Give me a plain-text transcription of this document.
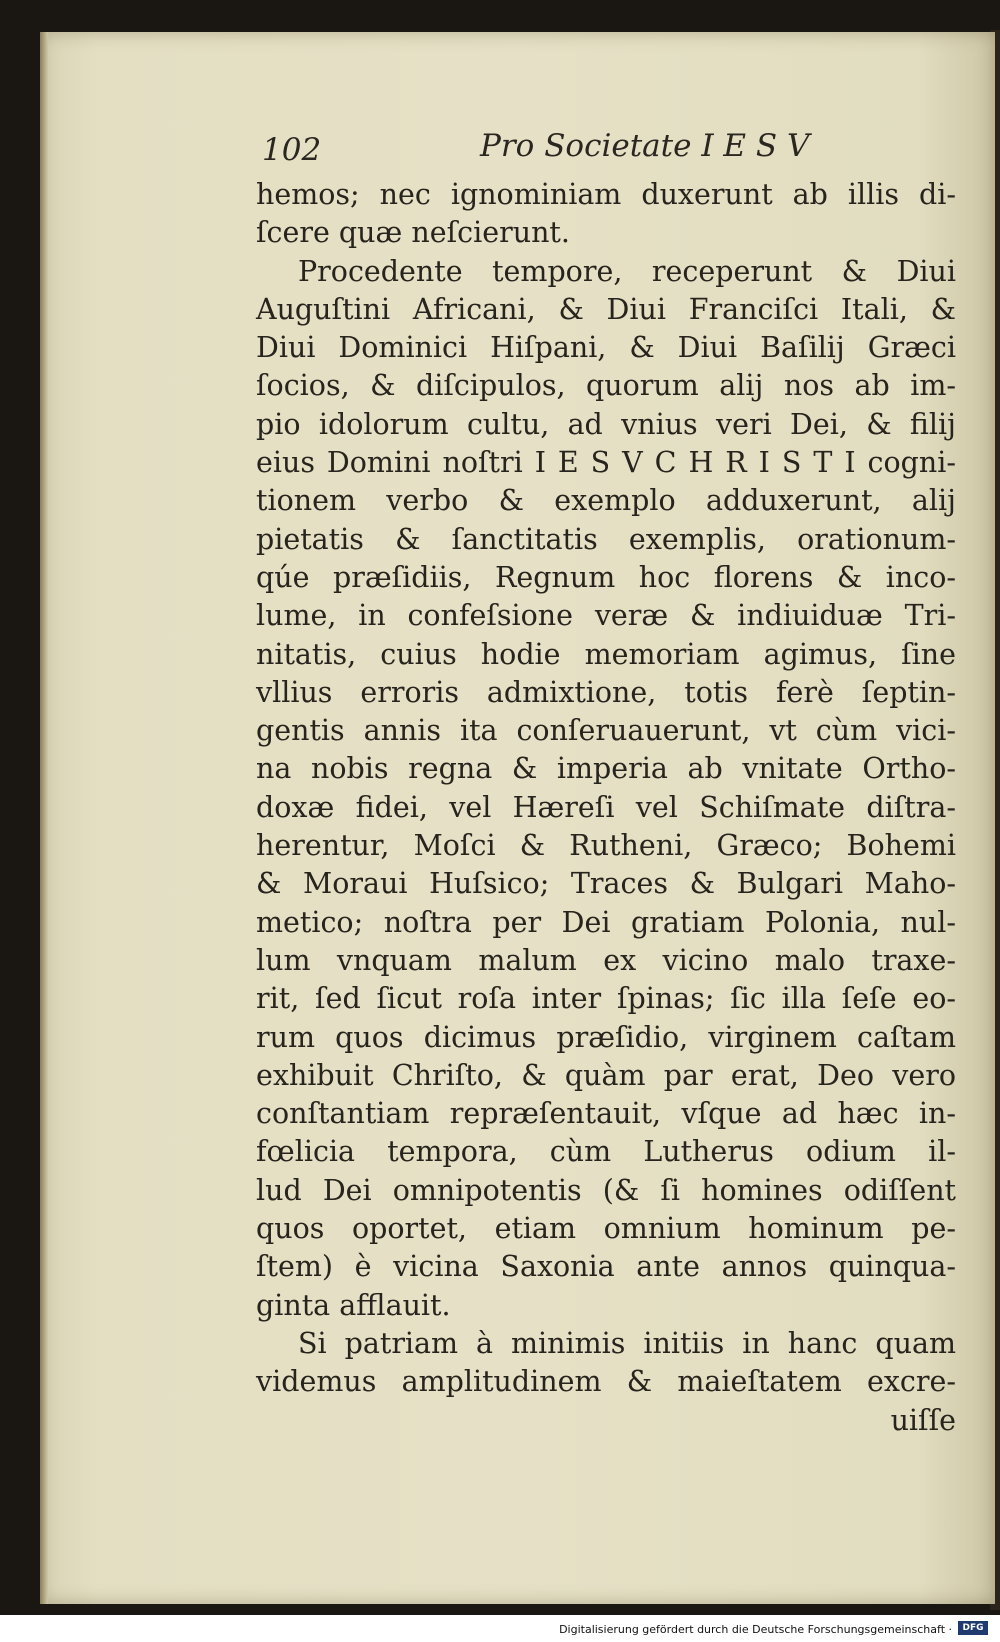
102	Pro Societate I E S V
hemos; nec ignominiam duxerunt ab illis di-
ſcere quæ neſcierunt.
Procedente tempore, receperunt & Diui
Auguſtini Africani, & Diui Franciſci Itali, &
Diui Dominici Hiſpani, & Diui Baſilij Græci
ſocios, & diſcipulos, quorum alij nos ab im-
pio idolorum cultu, ad vnius veri Dei, & filij
eius Domini noſtri I E S V C H R I S T I cogni-
tionem verbo & exemplo adduxerunt, alij
pietatis & ſanctitatis exemplis, orationum-
qúe præſidiis, Regnum hoc florens & inco-
lume, in confeſsione veræ & indiuiduæ Tri-
nitatis, cuius hodie memoriam agimus, ſine
vllius erroris admixtione, totis ferè ſeptin-
gentis annis ita conſeruauerunt, vt cùm vici-
na nobis regna & imperia ab vnitate Ortho-
doxæ fidei, vel Hæreſi vel Schiſmate diſtra-
herentur, Moſci & Rutheni, Græco; Bohemi
& Moraui Huſsico; Traces & Bulgari Maho-
metico; noſtra per Dei gratiam Polonia, nul-
lum vnquam malum ex vicino malo traxe-
rit, ſed ſicut roſa inter ſpinas; ſic illa ſeſe eo-
rum quos dicimus præſidio, virginem caſtam
exhibuit Chriſto, & quàm par erat, Deo vero
conſtantiam repræſentauit, vſque ad hæc in-
fœlicia tempora, cùm Lutherus odium il-
lud Dei omnipotentis (& ſi homines odiſſent
quos oportet, etiam omnium hominum pe-
ſtem) è vicina Saxonia ante annos quinqua-
ginta afflauit.
Si patriam à minimis initiis in hanc quam
videmus amplitudinem & maieſtatem excre-
uiſſe
Digitalisierung gefördert durch die Deutsche Forschungsgemeinschaft ·	DFG
